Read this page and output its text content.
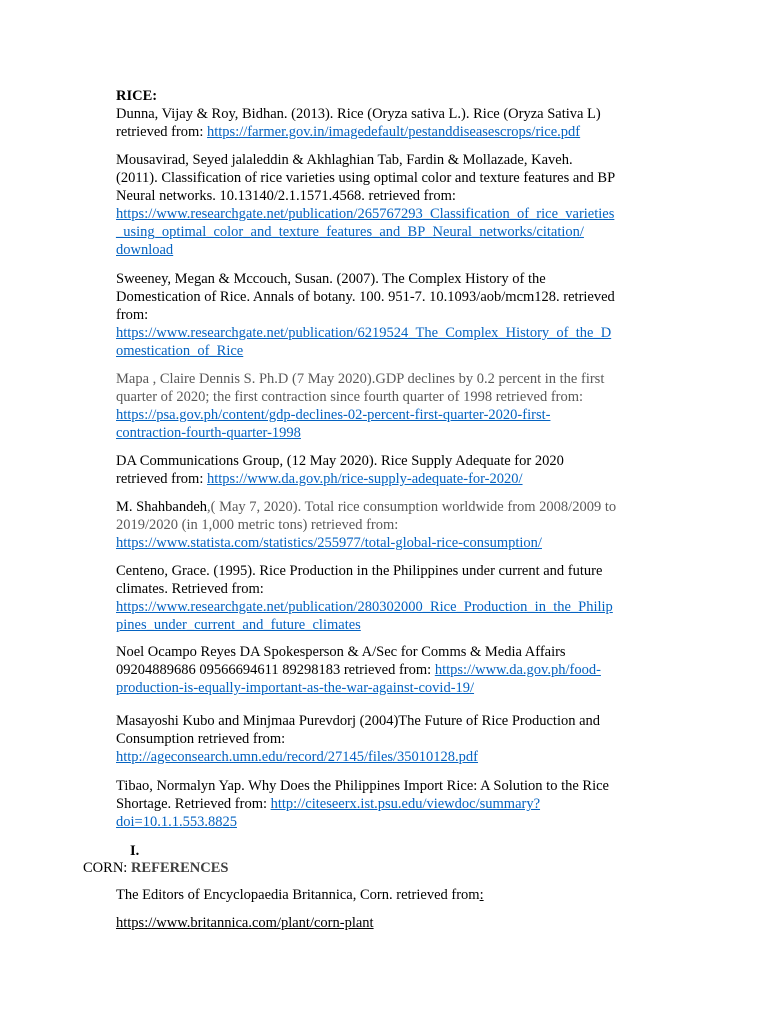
RICE:
Dunna, Vijay & Roy, Bidhan. (2013). Rice (Oryza sativa L.). Rice (Oryza Sativa L)
retrieved from: https://farmer.gov.in/imagedefault/pestanddiseasescrops/rice.pdf
Mousavirad, Seyed jalaleddin & Akhlaghian Tab, Fardin & Mollazade, Kaveh.
(2011). Classification of rice varieties using optimal color and texture features and BP
Neural networks. 10.13140/2.1.1571.4568. retrieved from:
https://www.researchgate.net/publication/265767293_Classification_of_rice_varieties
_using_optimal_color_and_texture_features_and_BP_Neural_networks/citation/
download
Sweeney, Megan & Mccouch, Susan. (2007). The Complex History of the
Domestication of Rice. Annals of botany. 100. 951-7. 10.1093/aob/mcm128. retrieved
from:
https://www.researchgate.net/publication/6219524_The_Complex_History_of_the_D
omestication_of_Rice
Mapa , Claire Dennis S. Ph.D (7 May 2020).GDP declines by 0.2 percent in the first
quarter of 2020; the first contraction since fourth quarter of 1998 retrieved from:
https://psa.gov.ph/content/gdp-declines-02-percent-first-quarter-2020-first-
contraction-fourth-quarter-1998
DA Communications Group, (12 May 2020). Rice Supply Adequate for 2020
retrieved from: https://www.da.gov.ph/rice-supply-adequate-for-2020/
M. Shahbandeh,( May 7, 2020). Total rice consumption worldwide from 2008/2009 to
2019/2020 (in 1,000 metric tons) retrieved from:
https://www.statista.com/statistics/255977/total-global-rice-consumption/
Centeno, Grace. (1995). Rice Production in the Philippines under current and future
climates. Retrieved from:
https://www.researchgate.net/publication/280302000_Rice_Production_in_the_Philip
pines_under_current_and_future_climates
Noel Ocampo Reyes DA Spokesperson & A/Sec for Comms & Media Affairs
09204889686 09566694611 89298183 retrieved from: https://www.da.gov.ph/food-
production-is-equally-important-as-the-war-against-covid-19/
Masayoshi Kubo and Minjmaa Purevdorj (2004)The Future of Rice Production and
Consumption retrieved from:
http://ageconsearch.umn.edu/record/27145/files/35010128.pdf
Tibao, Normalyn Yap. Why Does the Philippines Import Rice: A Solution to the Rice
Shortage. Retrieved from: http://citeseerx.ist.psu.edu/viewdoc/summary?
doi=10.1.1.553.8825
I.
CORN: REFERENCES
The Editors of Encyclopaedia Britannica, Corn. retrieved from:
https://www.britannica.com/plant/corn-plant
